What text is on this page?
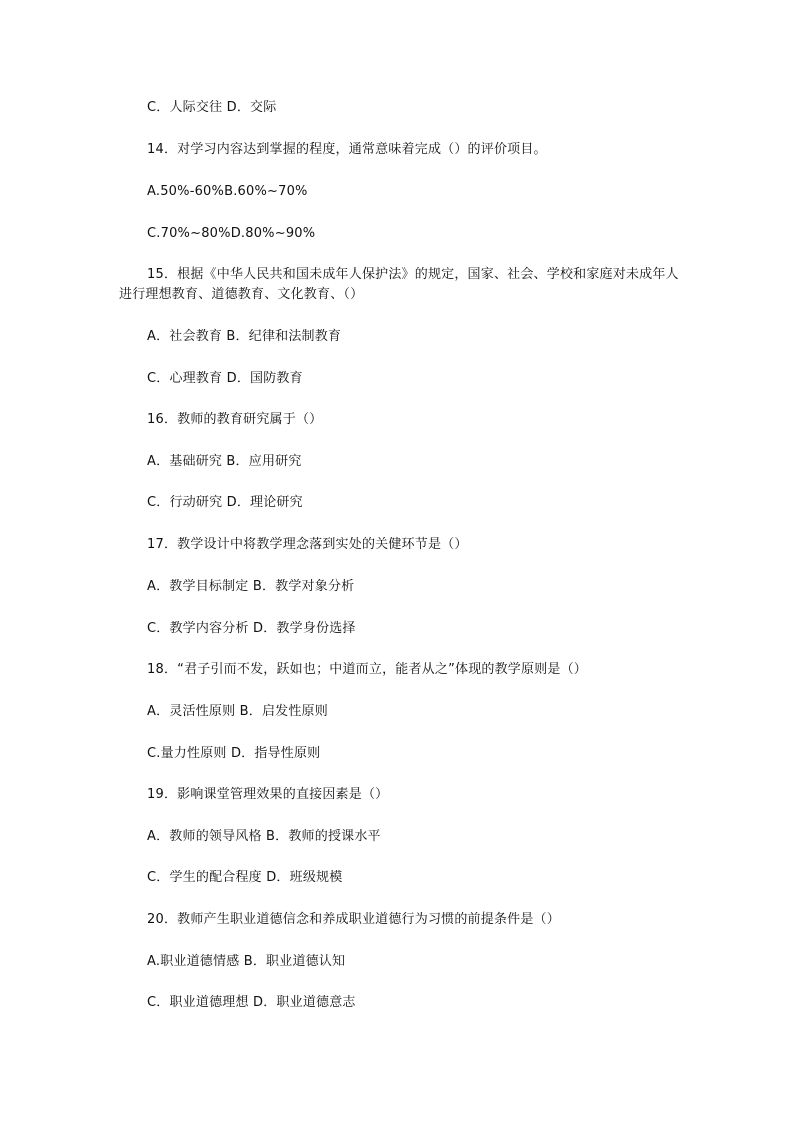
C．人际交往 D．交际
14．对学习内容达到掌握的程度，通常意味着完成（）的评价项目。
A.50%-60%B.60%~70%
C.70%~80%D.80%~90%
15．根据《中华人民共和国未成年人保护法》的规定，国家、社会、学校和家庭对未成年人进行理想教育、道德教育、文化教育、（）
A．社会教育 B．纪律和法制教育
C．心理教育 D．国防教育
16．教师的教育研究属于（）
A．基础研究 B．应用研究
C．行动研究 D．理论研究
17．教学设计中将教学理念落到实处的关健环节是（）
A．教学目标制定 B．教学对象分析
C．教学内容分析 D．教学身份选择
18．“君子引而不发，跃如也；中道而立，能者从之”体现的教学原则是（）
A．灵活性原则 B．启发性原则
C.量力性原则 D．指导性原则
19．影响课堂管理效果的直接因素是（）
A．教师的领导风格 B．教师的授课水平
C．学生的配合程度 D．班级规模
20．教师产生职业道德信念和养成职业道德行为习惯的前提条件是（）
A.职业道德情感 B．职业道德认知
C．职业道德理想 D．职业道德意志
